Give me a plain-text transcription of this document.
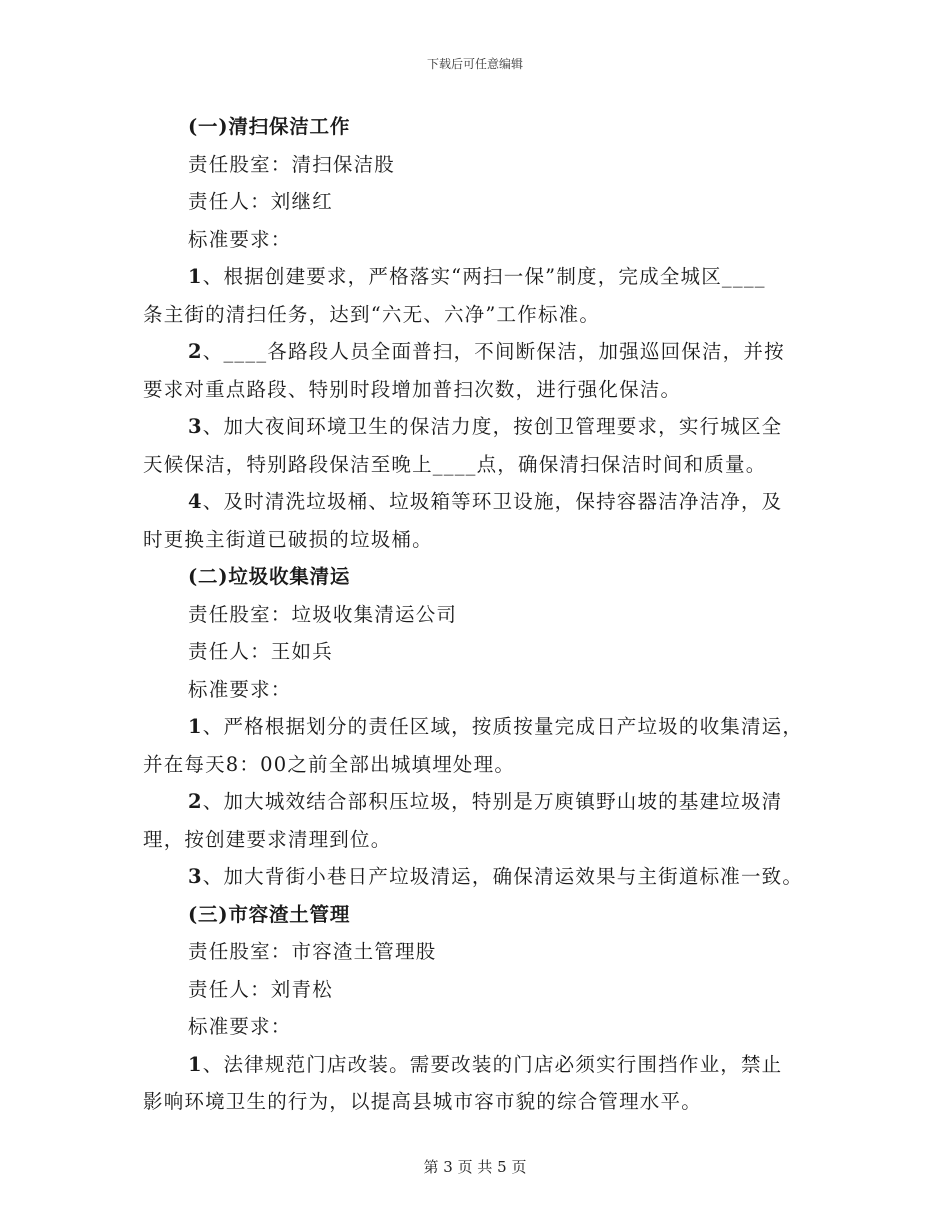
下载后可任意编辑
(一)清扫保洁工作
责任股室：清扫保洁股
责任人：刘继红
标准要求：
1、根据创建要求，严格落实“两扫一保”制度，完成全城区____
条主街的清扫任务，达到“六无、六净”工作标准。
2、____各路段人员全面普扫，不间断保洁，加强巡回保洁，并按
要求对重点路段、特别时段增加普扫次数，进行强化保洁。
3、加大夜间环境卫生的保洁力度，按创卫管理要求，实行城区全
天候保洁，特别路段保洁至晚上____点，确保清扫保洁时间和质量。
4、及时清洗垃圾桶、垃圾箱等环卫设施，保持容器洁净洁净，及
时更换主街道已破损的垃圾桶。
(二)垃圾收集清运
责任股室：垃圾收集清运公司
责任人：王如兵
标准要求：
1、严格根据划分的责任区域，按质按量完成日产垃圾的收集清运，
并在每天8：00之前全部出城填埋处理。
2、加大城效结合部积压垃圾，特别是万庾镇野山坡的基建垃圾清
理，按创建要求清理到位。
3、加大背街小巷日产垃圾清运，确保清运效果与主街道标准一致。
(三)市容渣土管理
责任股室：市容渣土管理股
责任人：刘青松
标准要求：
1、法律规范门店改装。需要改装的门店必须实行围挡作业，禁止
影响环境卫生的行为，以提高县城市容市貌的综合管理水平。
第 3 页 共 5 页
